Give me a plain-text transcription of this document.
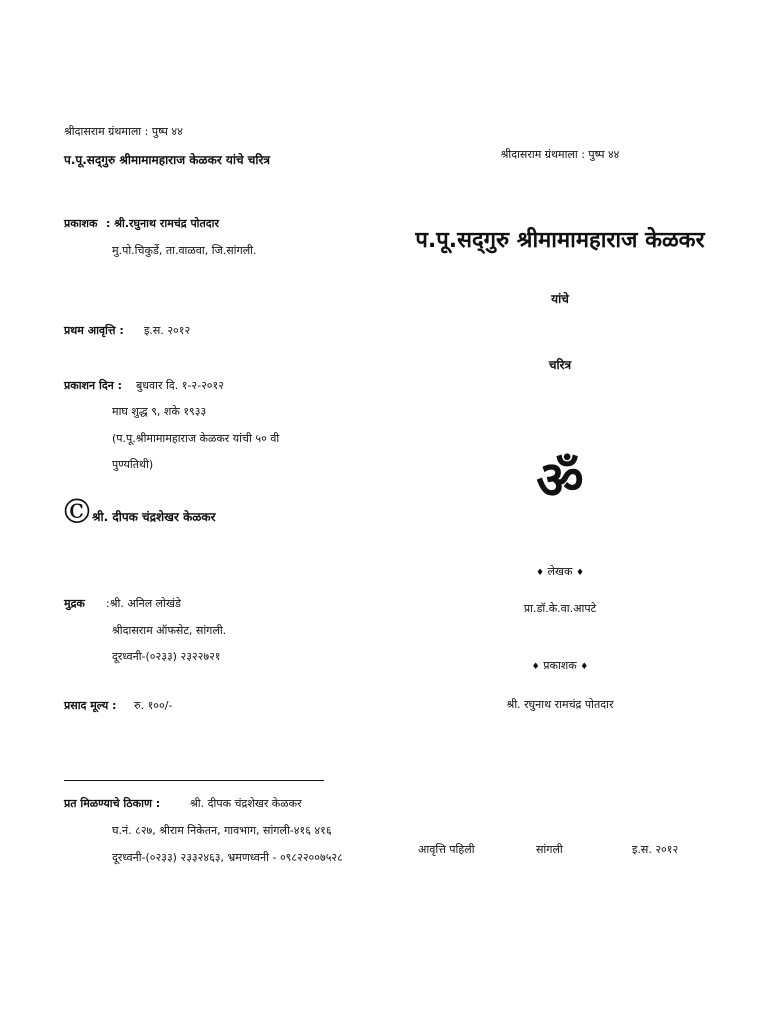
श्रीदासराम ग्रंथमाला : पुष्प ४४
प.पू.सद्‌गुरु श्रीमामामहाराज केळकर यांचे चरित्र
प्रकाशक : श्री.रघुनाथ रामचंद्र पोतदार
मु.पो.चिकुर्डे, ता.वाळवा, जि.सांगली.
प्रथम आवृत्ति : इ.स. २०१२
प्रकाशन दिन : बुधवार दि. १-२-२०१२
माघ शुद्ध ९, शके १९३३
(प.पू.श्रीमामामहाराज केळकर यांची ५० वी
पुण्यतिथी)
©
श्री. दीपक चंद्रशेखर केळकर
मुद्रक :श्री. अनिल लोखंडे
श्रीदासराम ऑफसेट, सांगली.
दूरध्वनी-(०२३३) २३२२७२१
प्रसाद मूल्य : रु. १००/-
प्रत मिळण्याचे ठिकाण :	श्री. दीपक चंद्रशेखर केळकर
घ.नं. ८२७, श्रीराम निकेतन, गावभाग, सांगली-४१६ ४१६
दूरध्वनी-(०२३३) २३३२४६३, भ्रमणध्वनी - ०९८२२००७५२८
श्रीदासराम ग्रंथमाला : पुष्प ४४
प.पू.सद्‌गुरु श्रीमामामहाराज केळकर
यांचे
चरित्र
ॐ
♦ लेखक ♦
प्रा.डॉ.के.वा.आपटे
♦ प्रकाशक ♦
श्री. रघुनाथ रामचंद्र पोतदार
आवृत्ति पहिली	सांगली	इ.स. २०१२
